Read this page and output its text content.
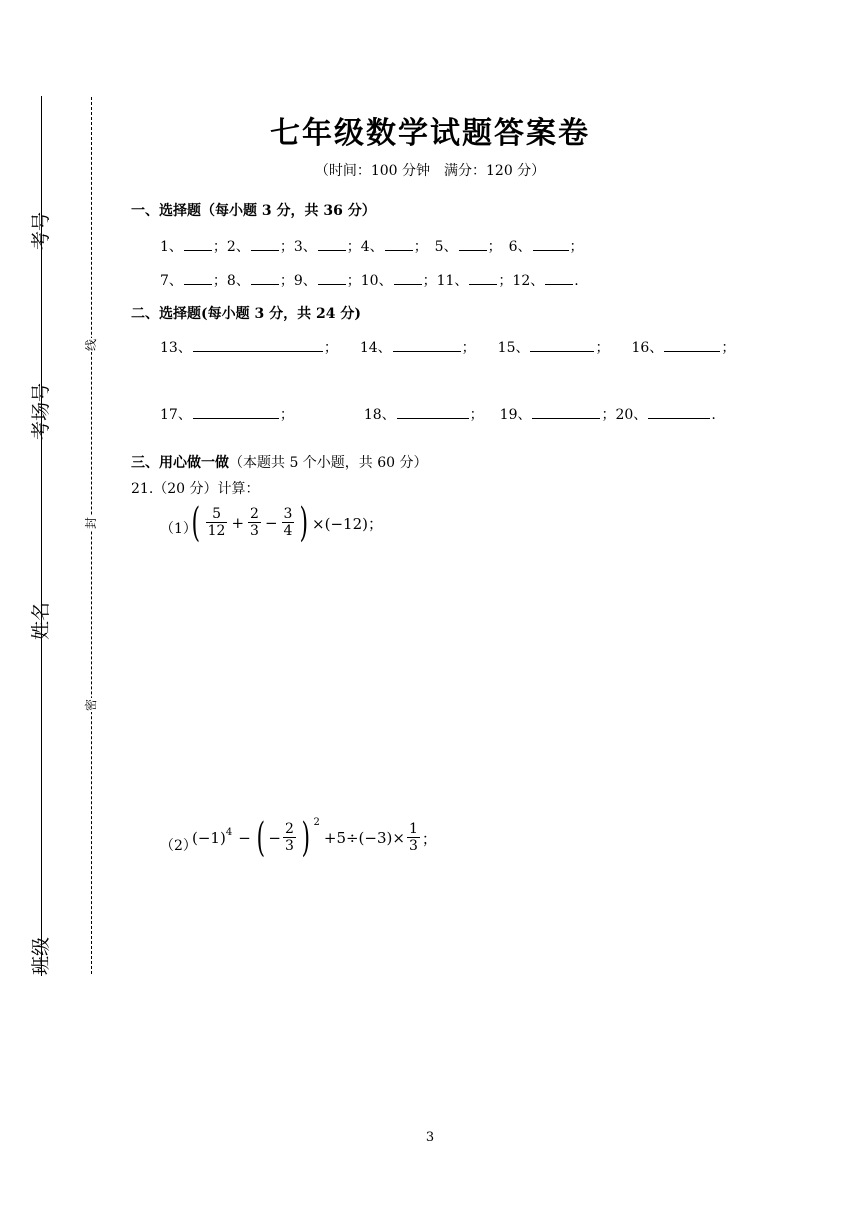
考号
考场号
姓名
班级
线
封
密
七年级数学试题答案卷
（时间：100 分钟　满分：120 分）
一、选择题（每小题 3 分，共 36 分）
1、 ；2、 ；3、 ；4、 ；　5、 ；　6、	；
7、 ；8、 ；9、 ；10、 ；11、 ；12、 .
二、选择题(每小题 3 分，共 24 分)
13、	； 14、	； 15、	； 16、	；
17、	；	18、	； 19、	；20、	.
三、用心做一做（本题共 5 个小题，共 60 分）
21.（20 分）计算：
（1）
( $\frac{5}{12} + \frac{2}{3} - \frac{3}{4}$ ) ×(−12)；
（2）
$(-1)^4$ − ( − $\frac{2}{3}$ ) $^2$
$+5\div(-3)\times \frac{1}{3}$ ；
3
